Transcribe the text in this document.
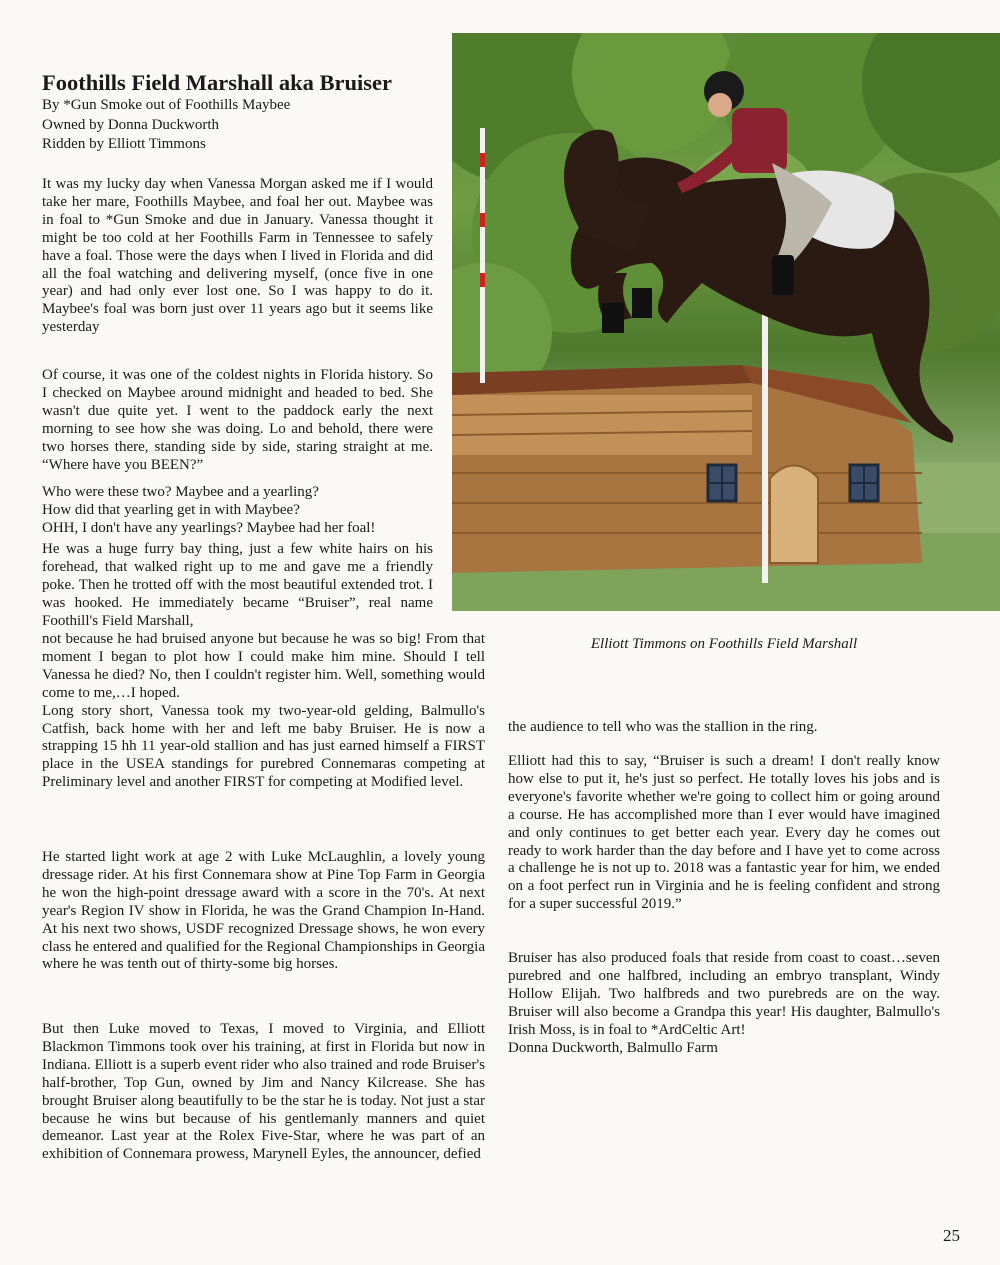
Foothills Field Marshall aka Bruiser
By *Gun Smoke out of Foothills Maybee
Owned by Donna Duckworth
Ridden by Elliott Timmons

It was my lucky day when Vanessa Morgan asked me if I would take her mare, Foothills Maybee, and foal her out. Maybee was in foal to *Gun Smoke and due in January. Vanessa thought it might be too cold at her Foothills Farm in Tennessee to safely have a foal. Those were the days when I lived in Florida and did all the foal watching and delivering myself, (once five in one year) and had only ever lost one. So I was happy to do it. Maybee's foal was born just over 11 years ago but it seems like yesterday

Of course, it was one of the coldest nights in Florida history. So I checked on Maybee around midnight and headed to bed. She wasn't due quite yet. I went to the paddock early the next morning to see how she was doing. Lo and behold, there were two horses there, standing side by side, staring straight at me. “Where have you BEEN?”

Who were these two? Maybee and a yearling?
How did that yearling get in with Maybee?
OHH, I don't have any yearlings? Maybee had her foal!

He was a huge furry bay thing, just a few white hairs on his forehead, that walked right up to me and gave me a friendly poke. Then he trotted off with the most beautiful extended trot. I was hooked. He immediately became “Bruiser”, real name Foothill's Field Marshall,

not because he had bruised anyone but because he was so big! From that moment I began to plot how I could make him mine. Should I tell Vanessa he died? No, then I couldn't register him. Well, something would come to me,…I hoped.
Long story short, Vanessa took my two-year-old gelding, Balmullo's Catfish, back home with her and left me baby Bruiser. He is now a strapping 15 hh 11 year-old stallion and has just earned himself a FIRST place in the USEA standings for purebred Connemaras competing at Preliminary level and another FIRST for competing at Modified level.

He started light work at age 2 with Luke McLaughlin, a lovely young dressage rider. At his first Connemara show at Pine Top Farm in Georgia he won the high-point dressage award with a score in the 70's. At next year's Region IV show in Florida, he was the Grand Champion In-Hand. At his next two shows, USDF recognized Dressage shows, he won every class he entered and qualified for the Regional Championships in Georgia where he was tenth out of thirty-some big horses.

But then Luke moved to Texas, I moved to Virginia, and Elliott Blackmon Timmons took over his training, at first in Florida but now in Indiana. Elliott is a superb event rider who also trained and rode Bruiser's half-brother, Top Gun, owned by Jim and Nancy Kilcrease. She has brought Bruiser along beautifully to be the star he is today. Not just a star because he wins but because of his gentlemanly manners and quiet demeanor. Last year at the Rolex Five-Star, where he was part of an exhibition of Connemara prowess, Marynell Eyles, the announcer, defied

Elliott Timmons on Foothills Field Marshall

the audience to tell who was the stallion in the ring.

Elliott had this to say, “Bruiser is such a dream! I don't really know how else to put it, he's just so perfect. He totally loves his jobs and is everyone's favorite whether we're going to collect him or going around a course. He has accomplished more than I ever would have imagined and only continues to get better each year. Every day he comes out ready to work harder than the day before and I have yet to come across a challenge he is not up to. 2018 was a fantastic year for him, we ended on a foot perfect run in Virginia and he is feeling confident and strong for a super successful 2019.”

Bruiser has also produced foals that reside from coast to coast…seven purebred and one halfbred, including an embryo transplant, Windy Hollow Elijah. Two halfbreds and two purebreds are on the way. Bruiser will also become a Grandpa this year! His daughter, Balmullo's Irish Moss, is in foal to *ArdCeltic Art!
Donna Duckworth, Balmullo Farm

25
